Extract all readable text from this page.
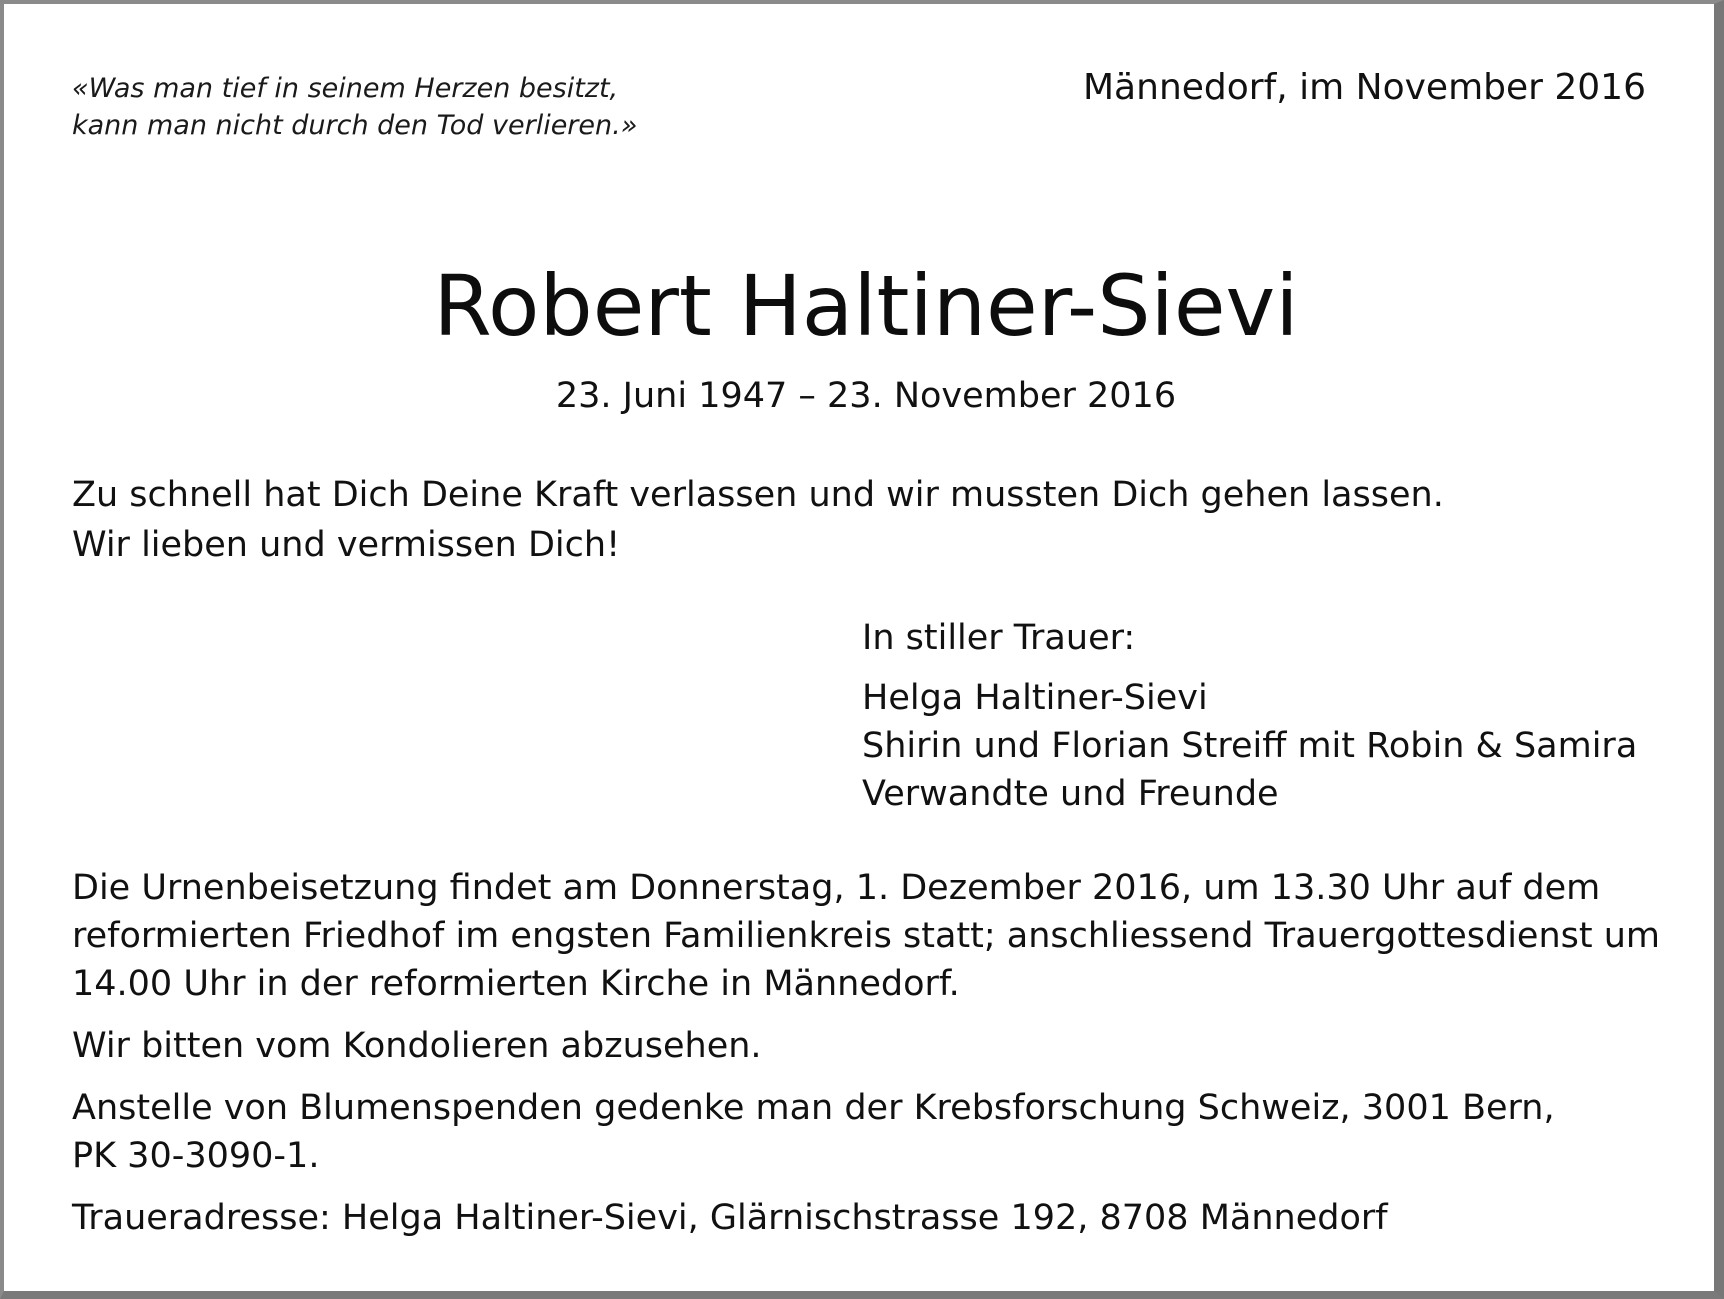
«Was man tief in seinem Herzen besitzt,
kann man nicht durch den Tod verlieren.»
Männedorf, im November 2016
Robert Haltiner-Sievi
23. Juni 1947 – 23. November 2016
Zu schnell hat Dich Deine Kraft verlassen und wir mussten Dich gehen lassen.
Wir lieben und vermissen Dich!
In stiller Trauer:
Helga Haltiner-Sievi
Shirin und Florian Streiff mit Robin & Samira
Verwandte und Freunde

Die Urnenbeisetzung findet am Donnerstag, 1. Dezember 2016, um 13.30 Uhr auf dem
reformierten Friedhof im engsten Familienkreis statt; anschliessend Trauergottesdienst um
14.00 Uhr in der reformierten Kirche in Männedorf.

Wir bitten vom Kondolieren abzusehen.

Anstelle von Blumenspenden gedenke man der Krebsforschung Schweiz, 3001 Bern,
PK 30-3090-1.

Traueradresse: Helga Haltiner-Sievi, Glärnischstrasse 192, 8708 Männedorf
